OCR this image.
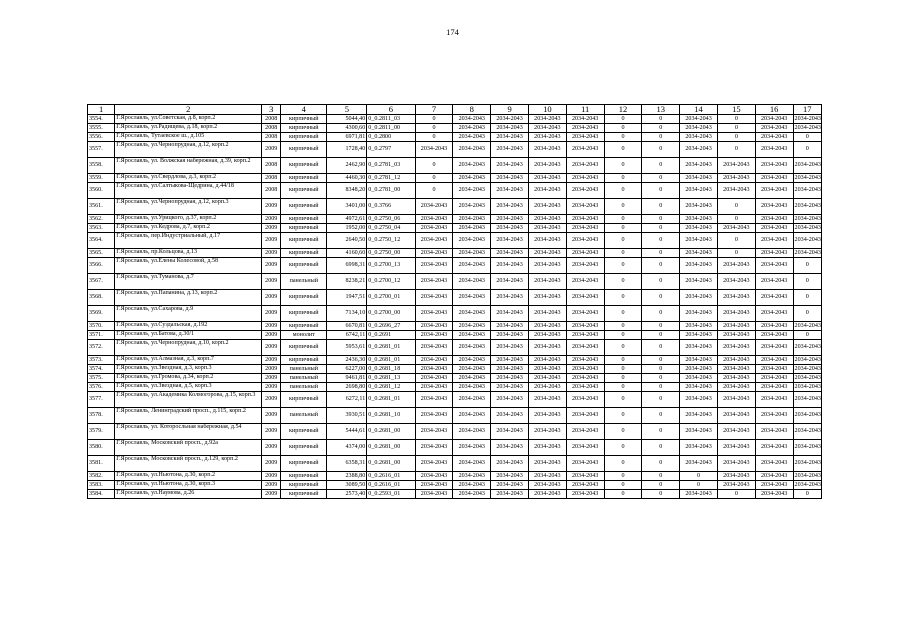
174
1	2	3	4	5	6	7	8	9	10	11	12	13	14	15	16	17
3554.	Г.Ярославль, ул.Советская, д.8, корп.2	2008	кирпичный	5044,40	0_0.2811_03	0	2034-2043	2034-2043	2034-2043	2034-2043	0	0	2034-2043	0	2034-2043	2034-2043
3555.	Г.Ярославль, ул.Радищева, д.18, корп.2	2008	кирпичный	4300,60	0_0.2811_00	0	2034-2043	2034-2043	2034-2043	2034-2043	0	0	2034-2043	0	2034-2043	2034-2043
3556.	Г.Ярославль, Тутаевское ш., д.105	2008	кирпичный	6971,81	0_0.2800	0	2034-2043	2034-2043	2034-2043	2034-2043	0	0	2034-2043	0	2034-2043	0
3557.	Г.Ярославль, ул.Чернопрудная, д.12, корп.2	2009	кирпичный	1728,40	0_0.2797	2034-2043	2034-2043	2034-2043	2034-2043	2034-2043	0	0	2034-2043	0	2034-2043	0
3558.	Г.Ярославль, ул. Волжская набережная, д.39, корп.2	2008	кирпичный	2462,90	0_0.2781_03	0	2034-2043	2034-2043	2034-2043	2034-2043	0	0	2034-2043	2034-2043	2034-2043	2034-2043
3559.	Г.Ярославль, ул.Свердлова, д.3, корп.2	2008	кирпичный	4460,30	0_0.2781_12	0	2034-2043	2034-2043	2034-2043	2034-2043	0	0	2034-2043	2034-2043	2034-2043	2034-2043
3560.	Г.Ярославль, ул.Салтыкова-Щедрина, д.44/18	2008	кирпичный	8348,20	0_0.2781_00	0	2034-2043	2034-2043	2034-2043	2034-2043	0	0	2034-2043	2034-2043	2034-2043	2034-2043
3561.	Г.Ярославль, ул.Чернопрудная, д.12, корп.3	2009	кирпичный	3401,00	0_0.3766	2034-2043	2034-2043	2034-2043	2034-2043	2034-2043	0	0	2034-2043	0	2034-2043	2034-2043
3562.	Г.Ярославль, ул.Урицкого, д.37, корп.2	2009	кирпичный	4972,61	0_0.2750_06	2034-2043	2034-2043	2034-2043	2034-2043	2034-2043	0	0	2034-2043	0	2034-2043	2034-2043
3563.	Г.Ярославль, ул.Кедрова, д.7, корп.2	2009	кирпичный	1952,00	0_0.2750_04	2034-2043	2034-2043	2034-2043	2034-2043	2034-2043	0	0	2034-2043	2034-2043	2034-2043	2034-2043
3564.	Г.Ярославль, пер.Индустриальный, д.17	2009	кирпичный	2640,50	0_0.2750_12	2034-2043	2034-2043	2034-2043	2034-2043	2034-2043	0	0	2034-2043	0	2034-2043	2034-2043
3565.	Г.Ярославль, пр.Кольцова, д.13	2009	кирпичный	4160,60	0_0.2750_00	2034-2043	2034-2043	2034-2043	2034-2043	2034-2043	0	0	2034-2043	0	2034-2043	2034-2043
3566.	Г.Ярославль, ул.Елены Колесовой, д.58	2009	кирпичный	6998,31	0_0.2700_13	2034-2043	2034-2043	2034-2043	2034-2043	2034-2043	0	0	2034-2043	2034-2043	2034-2043	0
3567.	Г.Ярославль, ул.Туманова, д.7	2009	панельный	8238,21	0_0.2700_12	2034-2043	2034-2043	2034-2043	2034-2043	2034-2043	0	0	2034-2043	2034-2043	2034-2043	0
3568.	Г.Ярославль, ул.Папанина, д.13, корп.2	2009	кирпичный	1947,51	0_0.2700_01	2034-2043	2034-2043	2034-2043	2034-2043	2034-2043	0	0	2034-2043	2034-2043	2034-2043	0
3569.	Г.Ярославль, ул.Сахарова, д.9	2009	кирпичный	7134,10	0_0.2700_00	2034-2043	2034-2043	2034-2043	2034-2043	2034-2043	0	0	2034-2043	2034-2043	2034-2043	0
3570.	Г.Ярославль, ул.Суздальская, д.192	2009	кирпичный	6670,81	0_0.2696_27	2034-2043	2034-2043	2034-2043	2034-2043	2034-2043	0	0	2034-2043	2034-2043	2034-2043	2034-2043
3571.	Г.Ярославль, ул.Батова, д.30/1	2009	монолит	6742,11	0_0.2691	2034-2043	2034-2043	2034-2043	2034-2043	2034-2043	0	0	2034-2043	2034-2043	2034-2043	0
3572.	Г.Ярославль, ул.Чернопрудная, д.10, корп.2	2009	кирпичный	5953,61	0_0.2681_01	2034-2043	2034-2043	2034-2043	2034-2043	2034-2043	0	0	2034-2043	2034-2043	2034-2043	2034-2043
3573.	Г.Ярославль, ул.Алмазная, д.3, корп.7	2009	кирпичный	2436,30	0_0.2681_01	2034-2043	2034-2043	2034-2043	2034-2043	2034-2043	0	0	2034-2043	2034-2043	2034-2043	2034-2043
3574.	Г.Ярославль, ул.Звездная, д.3, корп.3	2009	панельный	6227,00	0_0.2681_18	2034-2043	2034-2043	2034-2043	2034-2043	2034-2043	0	0	2034-2043	2034-2043	2034-2043	2034-2043
3575.	Г.Ярославль, ул.Громова, д.34, корп.2	2009	панельный	9461,81	0_0.2681_13	2034-2043	2034-2043	2034-2043	2034-2043	2034-2043	0	0	2034-2043	2034-2043	2034-2043	2034-2043
3576.	Г.Ярославль, ул.Звездная, д.5, корп.3	2009	панельный	2698,80	0_0.2681_12	2034-2043	2034-2043	2034-2043	2034-2043	2034-2043	0	0	2034-2043	2034-2043	2034-2043	2034-2043
3577.	Г.Ярославль, ул.Академика Колмогорова, д.15, корп.3	2009	кирпичный	6272,11	0_0.2681_01	2034-2043	2034-2043	2034-2043	2034-2043	2034-2043	0	0	2034-2043	2034-2043	2034-2043	2034-2043
3578.	Г.Ярославль, Ленинградский просп., д.115, корп.2	2009	панельный	3930,51	0_0.2681_10	2034-2043	2034-2043	2034-2043	2034-2043	2034-2043	0	0	2034-2043	2034-2043	2034-2043	2034-2043
3579.	Г.Ярославль, ул. Которосльная набережная, д.54	2009	кирпичный	5444,61	0_0.2681_00	2034-2043	2034-2043	2034-2043	2034-2043	2034-2043	0	0	2034-2043	2034-2043	2034-2043	2034-2043
3580.	Г.Ярославль, Московский просп., д.92а	2009	кирпичный	4374,00	0_0.2681_00	2034-2043	2034-2043	2034-2043	2034-2043	2034-2043	0	0	2034-2043	2034-2043	2034-2043	2034-2043
3581.	Г.Ярославль, Московский просп., д.129, корп.2	2009	кирпичный	6358,31	0_0.2681_00	2034-2043	2034-2043	2034-2043	2034-2043	2034-2043	0	0	2034-2043	2034-2043	2034-2043	2034-2043
3582.	Г.Ярославль, ул.Ньютона, д.30, корп.2	2009	кирпичный	2388,80	0_0.2616_01	2034-2043	2034-2043	2034-2043	2034-2043	2034-2043	0	0	0	2034-2043	2034-2043	2034-2043
3583.	Г.Ярославль, ул.Ньютона, д.30, корп.3	2009	кирпичный	3089,50	0_0.2616_01	2034-2043	2034-2043	2034-2043	2034-2043	2034-2043	0	0	0	2034-2043	2034-2043	2034-2043
3584.	Г.Ярославль, ул.Наумова, д.26	2009	кирпичный	2573,40	0_0.2593_01	2034-2043	2034-2043	2034-2043	2034-2043	2034-2043	0	0	2034-2043	0	2034-2043	0
